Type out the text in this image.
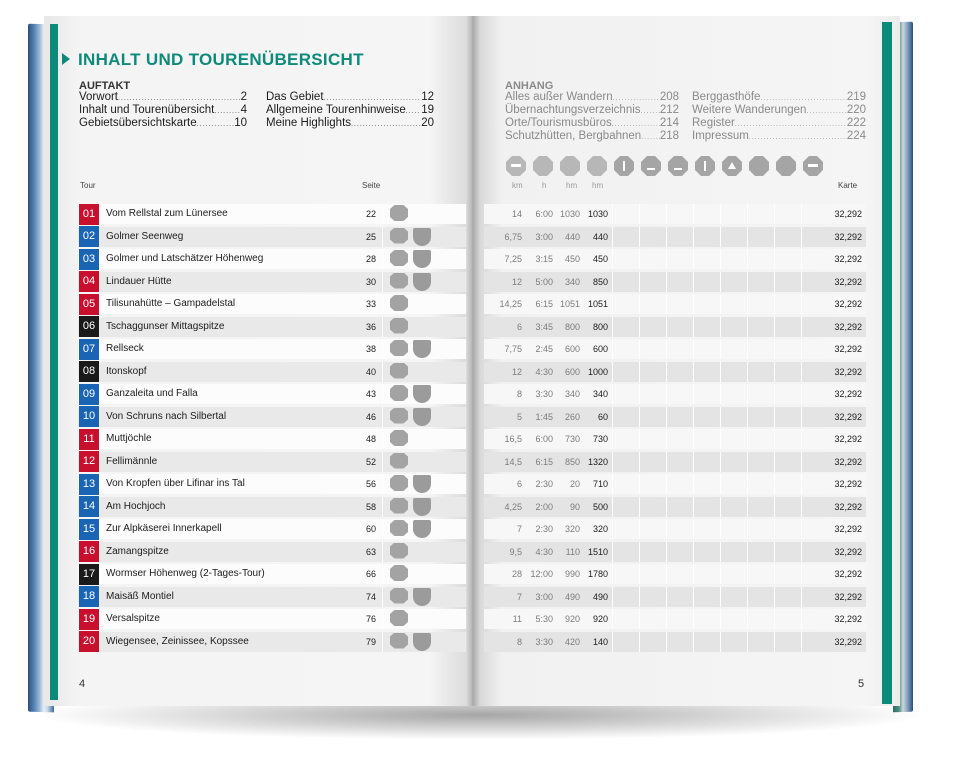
INHALT UND TOURENÜBERSICHT
AUFTAKT
Vorwort .....	2
Inhalt und Tourenübersicht ..... 4
Gebietsübersichtskarte .....	10
Das Gebiet .....	12
Allgemeine Tourenhinweise ..... 19
Meine Highlights .....	20
ANHANG
Alles außer Wandern .....	208
Übernachtungsverzeichnis ..... 212
Orte/Tourismusbüros .....	214
Schutzhütten, Bergbahnen ..... 218
Berggasthöfe .....	219
Weitere Wanderungen .....	220
Register .....	222
Impressum .....	224
Tour	Seite	km h hm hm	Karte
01	Vom Rellstal zum Lünersee	22	14	6:00 1030 1030	32,292
02	Golmer Seenweg	25	6,75	3:00	440	440	32,292
03	Golmer und Latschätzer Höhenweg	28	7,25	3:15	450	450	32,292
04	Lindauer Hütte	30	12	5:00	340	850	32,292
05	Tilisunahütte – Gampadelstal	33	14,25	6:15 1051 1051	32,292
06	Tschaggunser Mittagspitze	36	6	3:45	800	800	32,292
07	Rellseck	38	7,75	2:45	600	600	32,292
08	Itonskopf	40	12	4:30	600 1000	32,292
09	Ganzaleita und Falla	43	8	3:30	340	340	32,292
10	Von Schruns nach Silbertal	46	5	1:45	260	60	32,292
11	Muttjöchle	48	16,5	6:00	730	730	32,292
12	Fellimännle	52	14,5	6:15	850 1320	32,292
13	Von Kropfen über Lifinar ins Tal	56	6	2:30	20	710	32,292
14	Am Hochjoch	58	4,25	2:00	90	500	32,292
15	Zur Alpkäserei Innerkapell	60	7	2:30	320	320	32,292
16	Zamangspitze	63	9,5	4:30	110 1510	32,292
17	Wormser Höhenweg (2-Tages-Tour)	66	28 12:00	990 1780	32,292
18	Maisäß Montiel	74	7	3:00	490	490	32,292
19	Versalspitze	76	11	5:30	920	920	32,292
20	Wiegensee, Zeinissee, Kopssee	79	8	3:30	420	140	32,292
4	5
